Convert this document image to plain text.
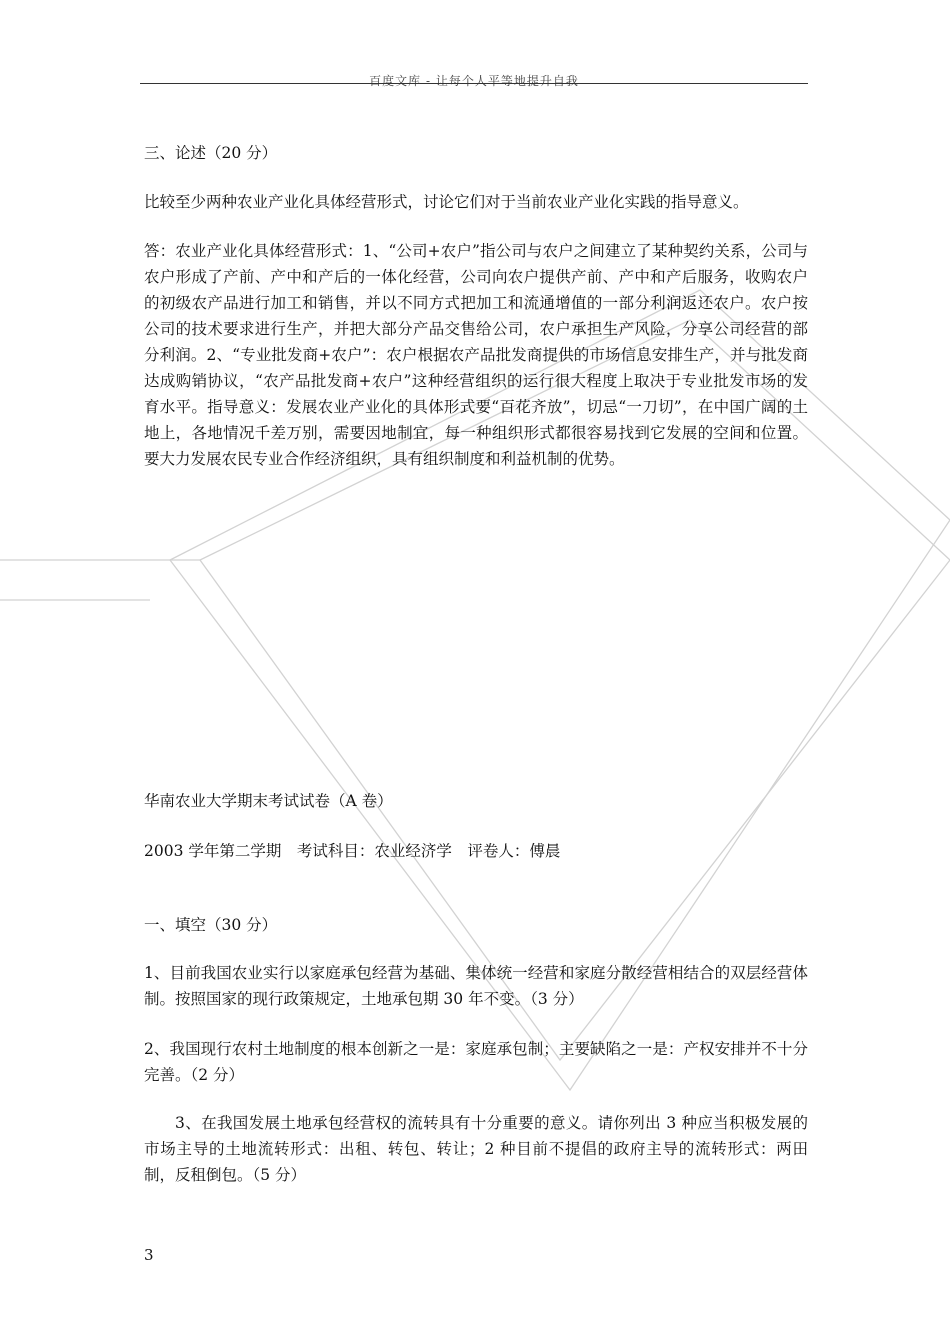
百度文库 - 让每个人平等地提升自我
三、论述（20 分）
比较至少两种农业产业化具体经营形式，讨论它们对于当前农业产业化实践的指导意义。
答：农业产业化具体经营形式：1、“公司+农户”指公司与农户之间建立了某种契约关系，公司与农户形成了产前、产中和产后的一体化经营，公司向农户提供产前、产中和产后服务，收购农户的初级农产品进行加工和销售，并以不同方式把加工和流通增值的一部分利润返还农户。农户按公司的技术要求进行生产，并把大部分产品交售给公司，农户承担生产风险，分享公司经营的部分利润。2、“专业批发商+农户”：农户根据农产品批发商提供的市场信息安排生产，并与批发商达成购销协议，“农产品批发商+农户”这种经营组织的运行很大程度上取决于专业批发市场的发育水平。指导意义：发展农业产业化的具体形式要“百花齐放”，切忌“一刀切”，在中国广阔的土地上，各地情况千差万别，需要因地制宜，每一种组织形式都很容易找到它发展的空间和位置。要大力发展农民专业合作经济组织，具有组织制度和利益机制的优势。
华南农业大学期末考试试卷（A 卷）
2003 学年第二学期　考试科目：农业经济学　评卷人：傅晨
一、填空（30 分）
1、目前我国农业实行以家庭承包经营为基础、集体统一经营和家庭分散经营相结合的双层经营体制。按照国家的现行政策规定，土地承包期 30 年不变。（3 分）
2、我国现行农村土地制度的根本创新之一是：家庭承包制；主要缺陷之一是：产权安排并不十分完善。（2 分）
3、在我国发展土地承包经营权的流转具有十分重要的意义。请你列出 3 种应当积极发展的市场主导的土地流转形式：出租、转包、转让；2 种目前不提倡的政府主导的流转形式：两田制，反租倒包。（5 分）
3
